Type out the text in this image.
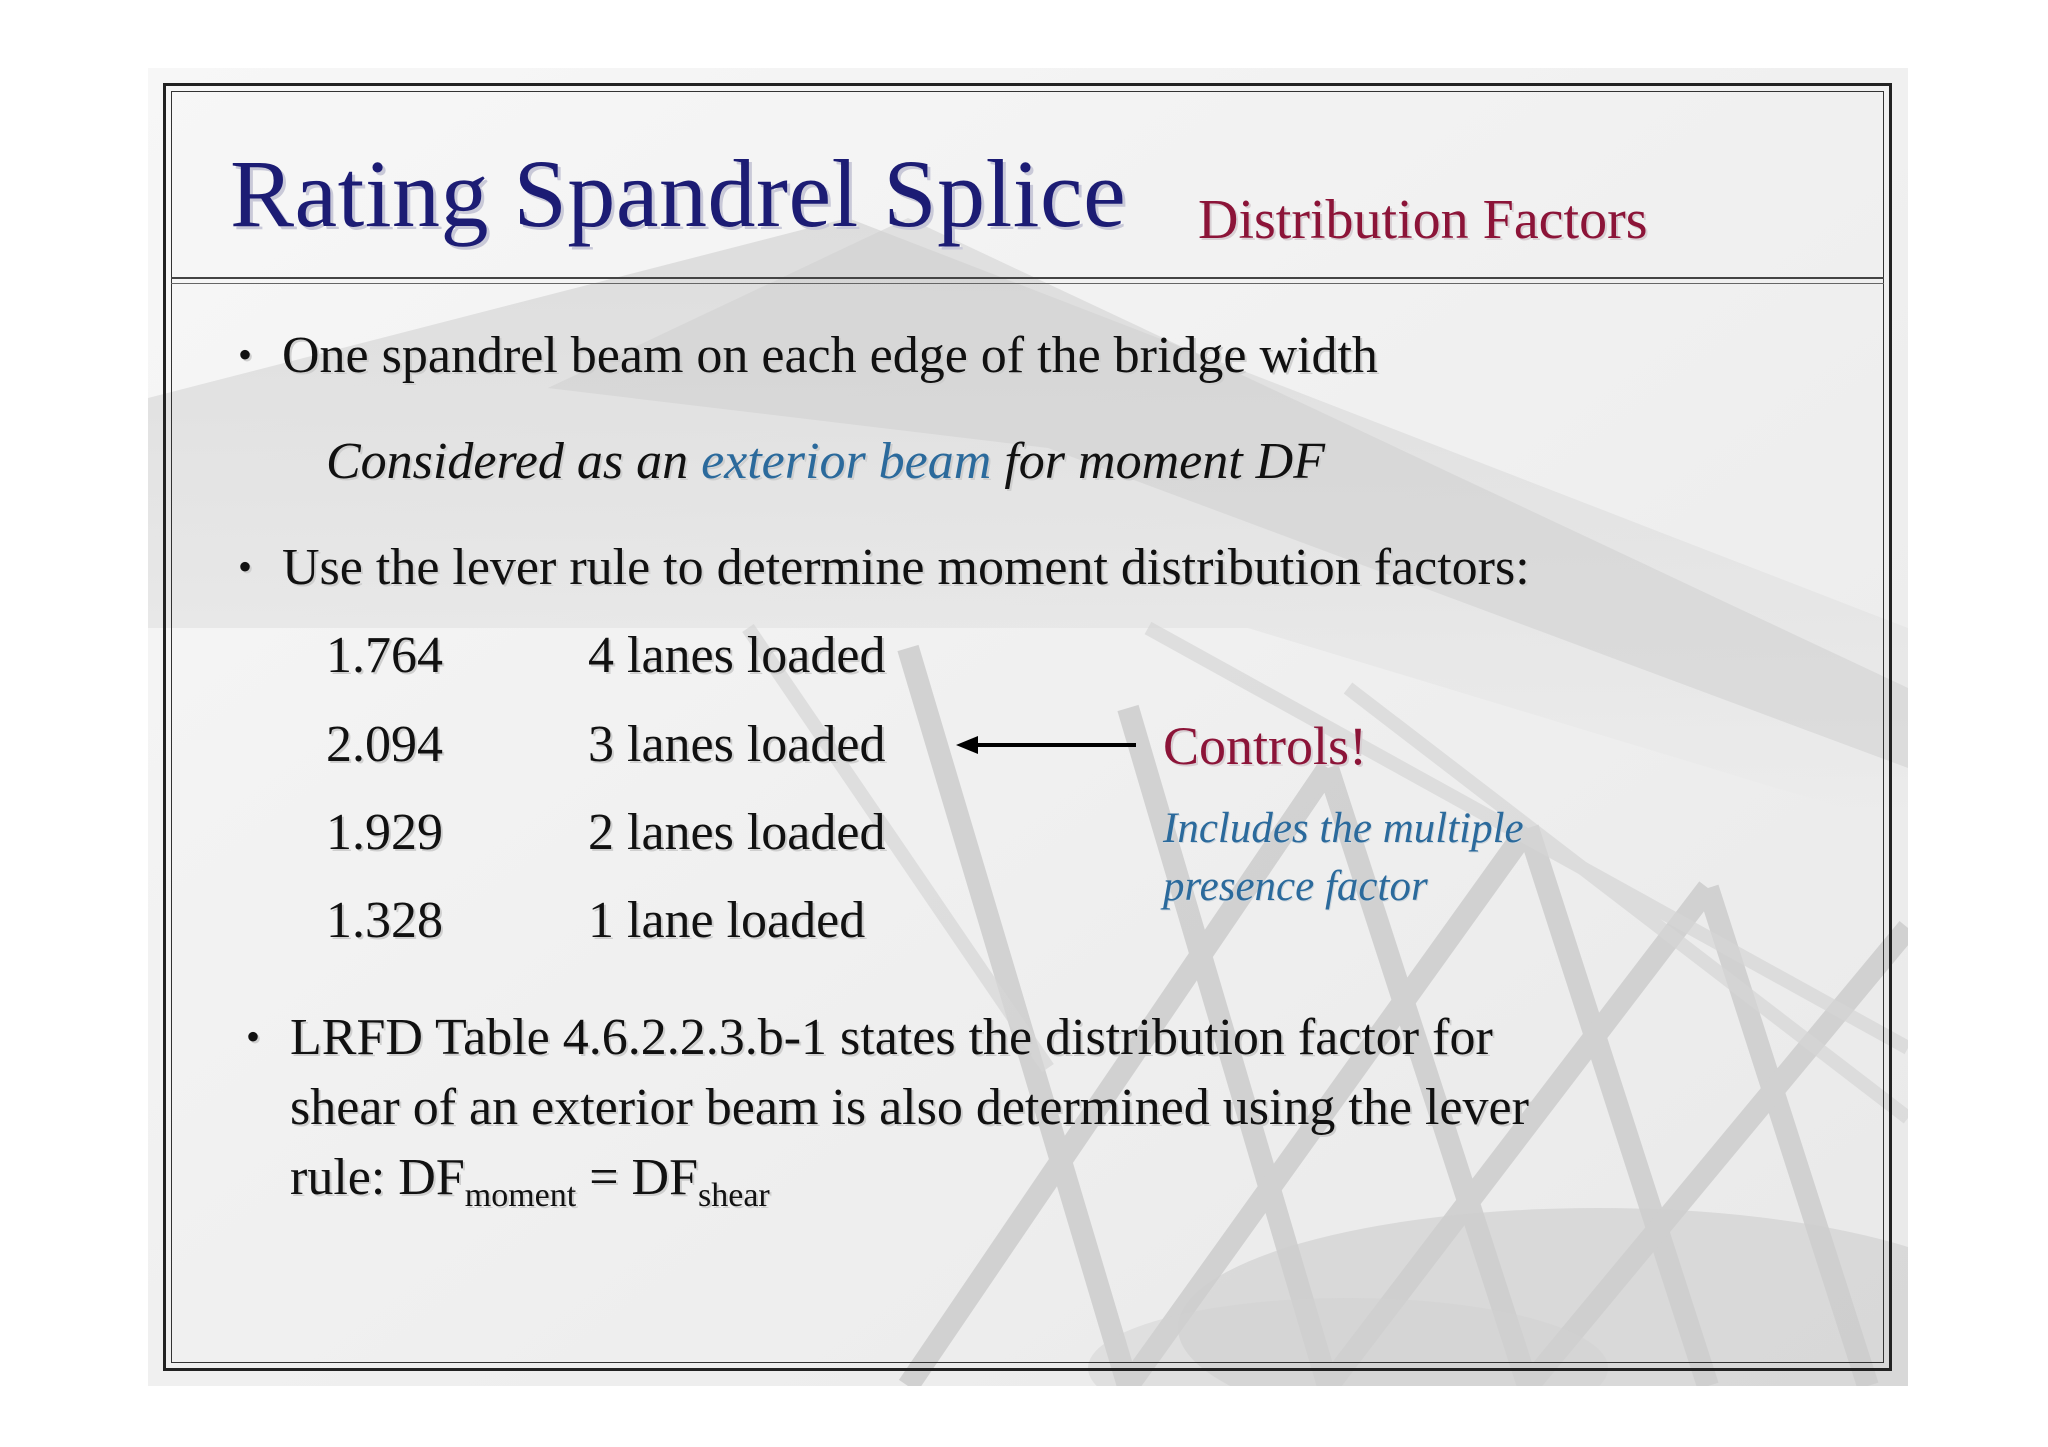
Rating Spandrel Splice Distribution Factors
• One spandrel beam on each edge of the bridge width
Considered as an exterior beam for moment DF
• Use the lever rule to determine moment distribution factors:
1.764	4 lanes loaded
2.094	3 lanes loaded
1.929	2 lanes loaded
1.328	1 lane loaded
Controls!
Includes the multiple
presence factor
• LRFD Table 4.6.2.2.3.b-1 states the distribution factor for
shear of an exterior beam is also determined using the lever
rule: $DF_{moment} = DF_{shear}$
